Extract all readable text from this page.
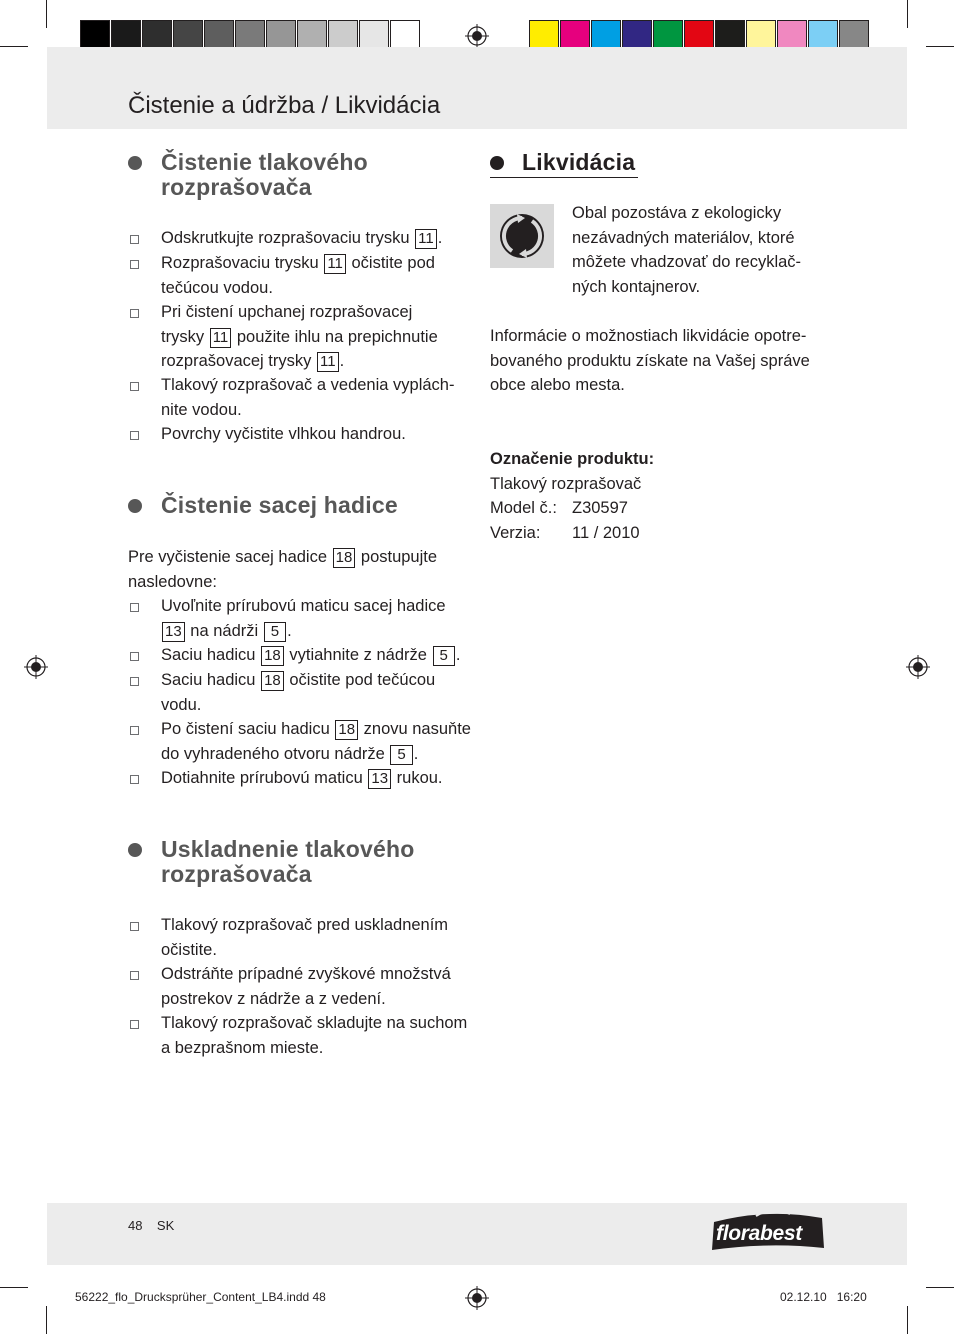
Čistenie a údržba / Likvidácia
Čistenie tlakového
rozprašovača
Odskrutkujte rozprašovaciu trysku 11 .
Rozprašovaciu trysku 11 očistite pod
tečúcou vodou.
Pri čistení upchanej rozprašovacej
trysky 11 použite ihlu na prepichnutie
rozprašovacej trysky 11 .
Tlakový rozprašovač a vedenia vyplách-
nite vodou.
Povrchy vyčistite vlhkou handrou.
Čistenie sacej hadice
Pre vyčistenie sacej hadice 18 postupujte
nasledovne:
Uvoľnite prírubovú maticu sacej hadice
13 na nádrži 5 .
Saciu hadicu 18 vytiahnite z nádrže 5 .
Saciu hadicu 18 očistite pod tečúcou
vodu.
Po čistení saciu hadicu 18 znovu nasuňte
do vyhradeného otvoru nádrže 5 .
Dotiahnite prírubovú maticu 13 rukou.
Uskladnenie tlakového
rozprašovača
Tlakový rozprašovač pred uskladnením
očistite.
Odstráňte prípadné zvyškové množstvá
postrekov z nádrže a z vedení.
Tlakový rozprašovač skladujte na suchom
a bezprašnom mieste.
Likvidácia
Obal pozostáva z ekologicky
nezávadných materiálov, ktoré
môžete vhadzovať do recyklač-
ných kontajnerov.
Informácie o možnostiach likvidácie opotre-
bovaného produktu získate na Vašej správe
obce alebo mesta.
Označenie produktu:
Tlakový rozprašovač
Model č.: Z30597
Verzia: 11 / 2010
48 SK	florabest
56222_flo_Drucksprüher_Content_LB4.indd 48	02.12.10 16:20
